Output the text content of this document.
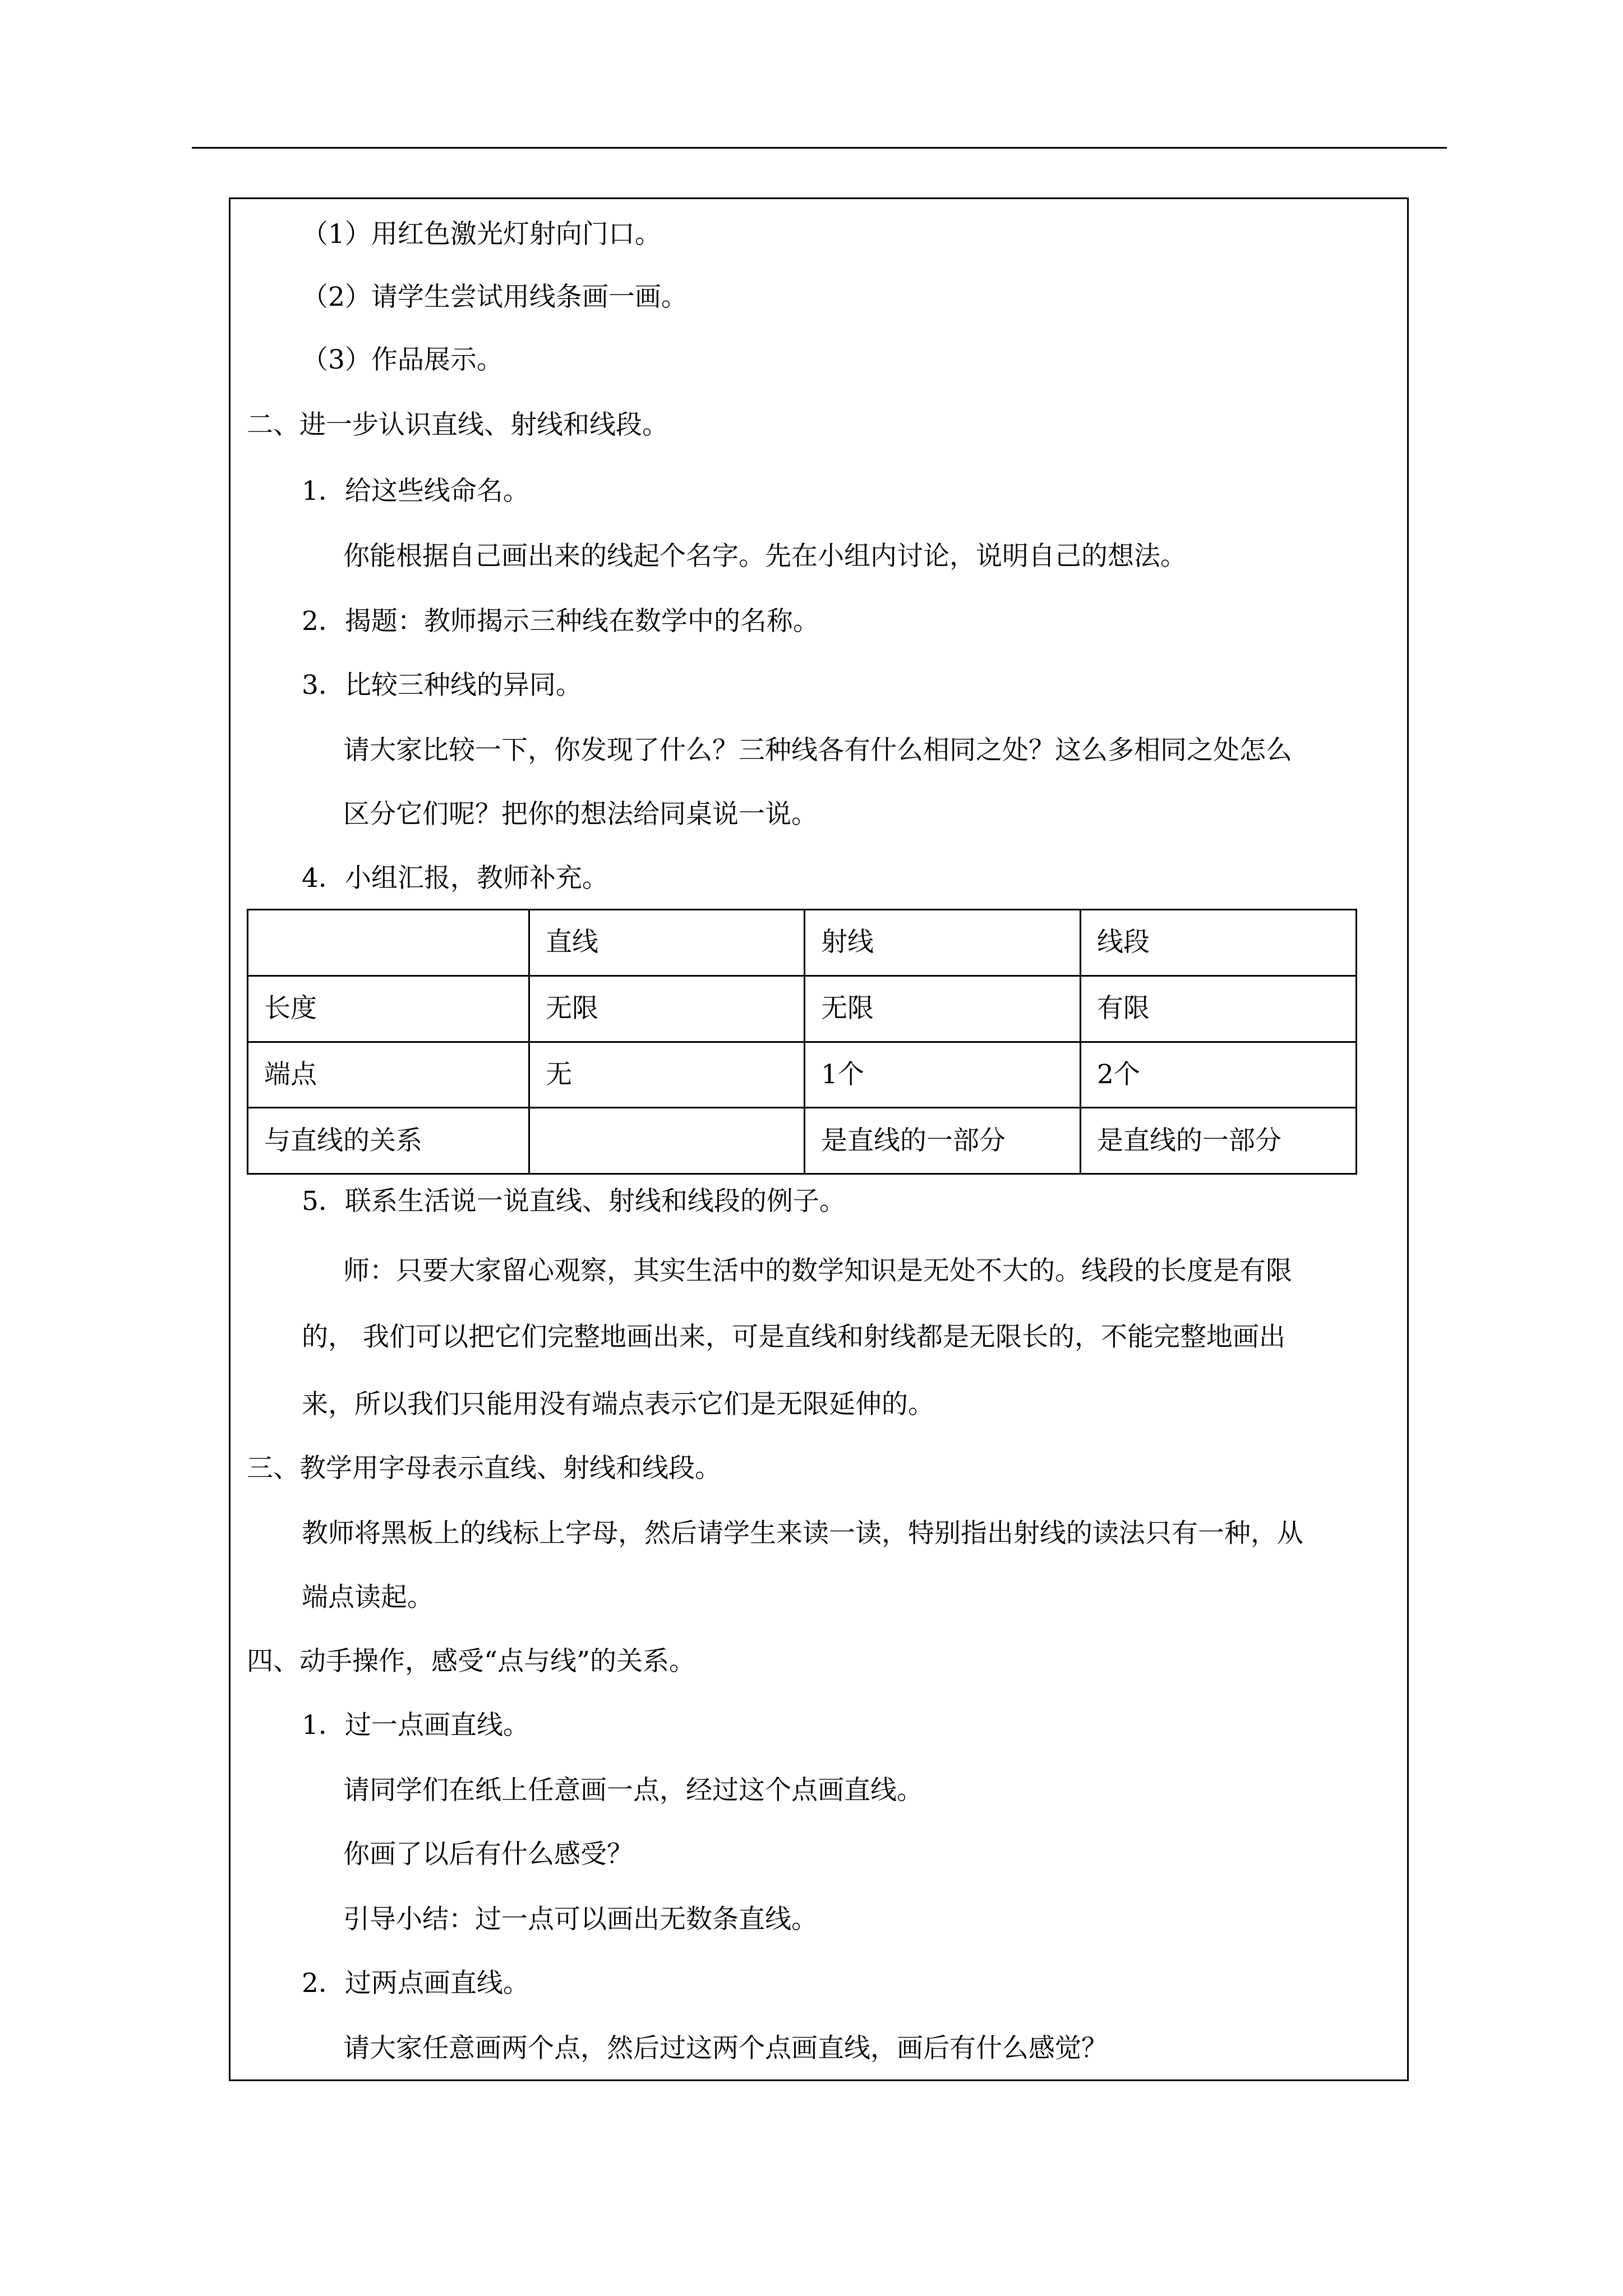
（1）用红色激光灯射向门口。
（2）请学生尝试用线条画一画。
（3）作品展示。
二、进一步认识直线、射线和线段。
1．给这些线命名。
你能根据自己画出来的线起个名字。先在小组内讨论，说明自己的想法。
2．揭题：教师揭示三种线在数学中的名称。
3．比较三种线的异同。
请大家比较一下，你发现了什么？三种线各有什么相同之处？这么多相同之处怎么
区分它们呢？把你的想法给同桌说一说。
4．小组汇报，教师补充。
	直线	射线	线段
长度	无限	无限	有限
端点	无	1个	2个
与直线的关系		是直线的一部分	是直线的一部分
5．联系生活说一说直线、射线和线段的例子。
师：只要大家留心观察，其实生活中的数学知识是无处不大的。线段的长度是有限
的， 我们可以把它们完整地画出来，可是直线和射线都是无限长的，不能完整地画出
来，所以我们只能用没有端点表示它们是无限延伸的。
三、教学用字母表示直线、射线和线段。
教师将黑板上的线标上字母，然后请学生来读一读，特别指出射线的读法只有一种，从
端点读起。
四、动手操作，感受“点与线”的关系。
1．过一点画直线。
请同学们在纸上任意画一点，经过这个点画直线。
你画了以后有什么感受？
引导小结：过一点可以画出无数条直线。
2．过两点画直线。
请大家任意画两个点，然后过这两个点画直线，画后有什么感觉？
